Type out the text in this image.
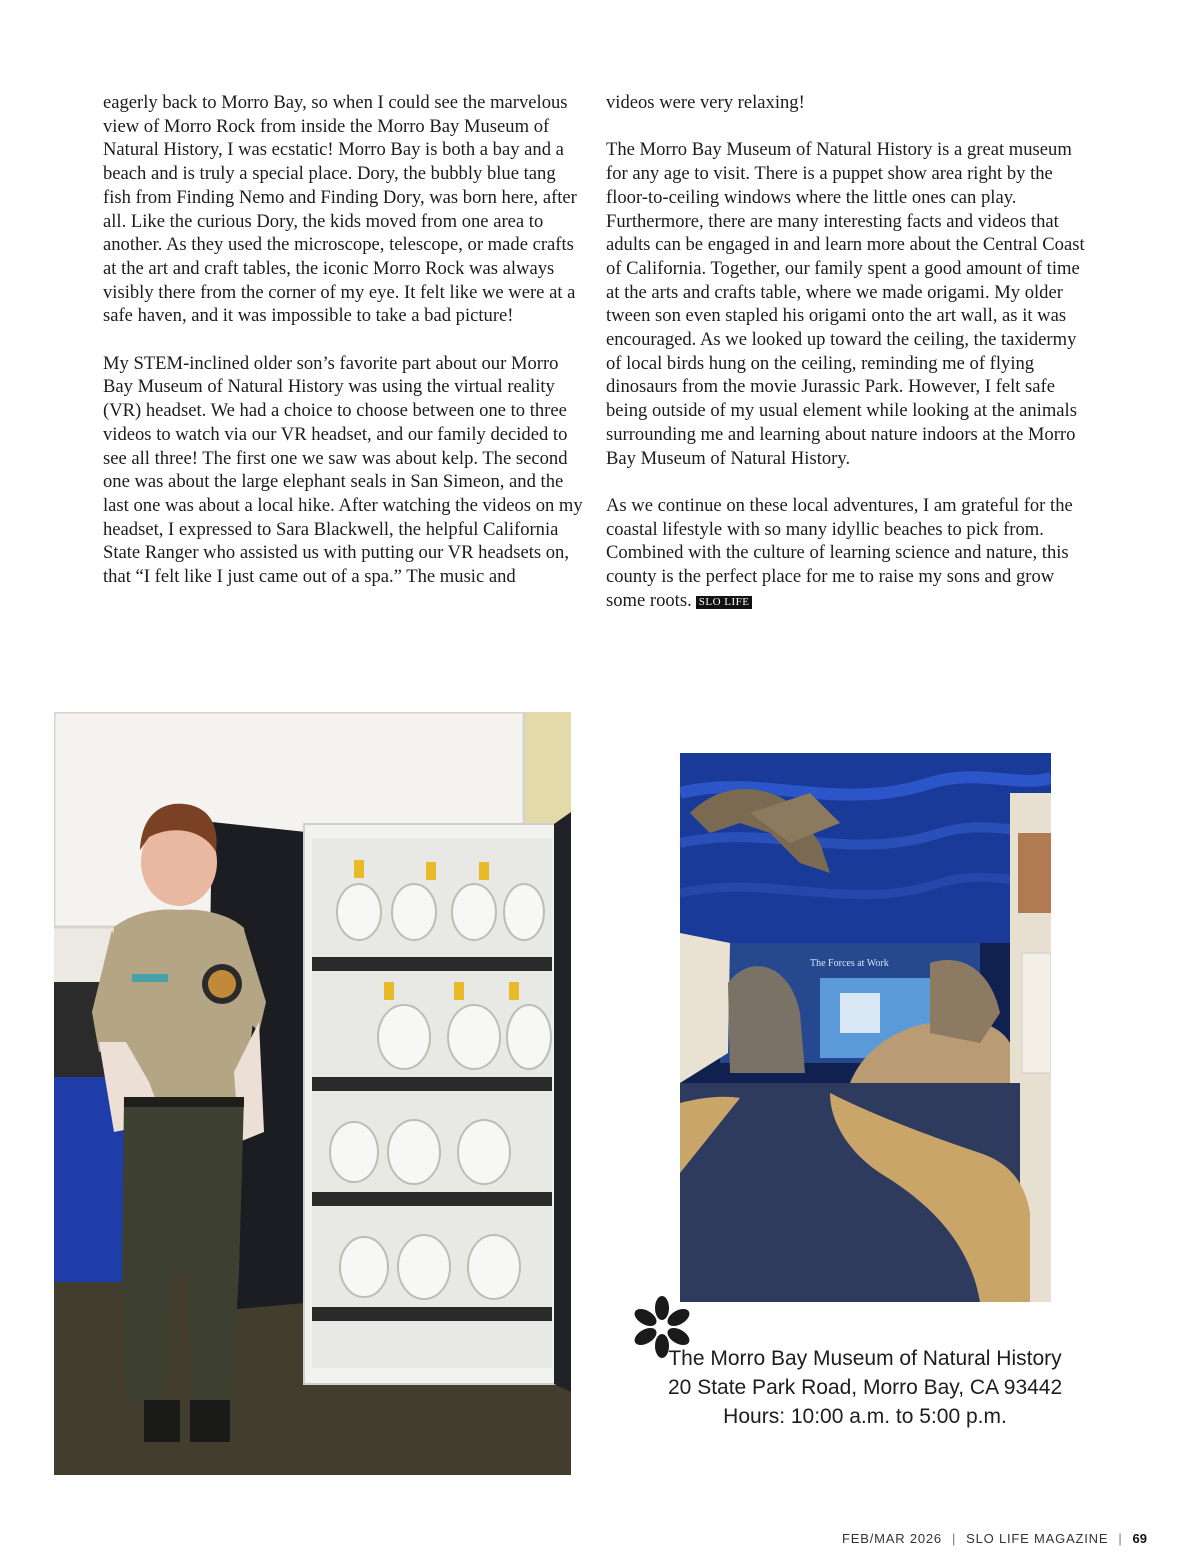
eagerly back to Morro Bay, so when I could see the marvelous view of Morro Rock from inside the Morro Bay Museum of Natural History, I was ecstatic! Morro Bay is both a bay and a beach and is truly a special place. Dory, the bubbly blue tang fish from Finding Nemo and Finding Dory, was born here, after all. Like the curious Dory, the kids moved from one area to another. As they used the microscope, telescope, or made crafts at the art and craft tables, the iconic Morro Rock was always visibly there from the corner of my eye. It felt like we were at a safe haven, and it was impossible to take a bad picture!

My STEM-inclined older son’s favorite part about our Morro Bay Museum of Natural History was using the virtual reality (VR) headset. We had a choice to choose between one to three videos to watch via our VR headset, and our family decided to see all three! The first one we saw was about kelp. The second one was about the large elephant seals in San Simeon, and the last one was about a local hike. After watching the videos on my headset, I expressed to Sara Blackwell, the helpful California State Ranger who assisted us with putting our VR headsets on, that “I felt like I just came out of a spa.” The music and

videos were very relaxing!

The Morro Bay Museum of Natural History is a great museum for any age to visit. There is a puppet show area right by the floor-to-ceiling windows where the little ones can play. Furthermore, there are many interesting facts and videos that adults can be engaged in and learn more about the Central Coast of California. Together, our family spent a good amount of time at the arts and crafts table, where we made origami. My older tween son even stapled his origami onto the art wall, as it was encouraged. As we looked up toward the ceiling, the taxidermy of local birds hung on the ceiling, reminding me of flying dinosaurs from the movie Jurassic Park. However, I felt safe being outside of my usual element while looking at the animals surrounding me and learning about nature indoors at the Morro Bay Museum of Natural History.

As we continue on these local adventures, I am grateful for the coastal lifestyle with so many idyllic beaches to pick from. Combined with the culture of learning science and nature, this county is the perfect place for me to raise my sons and grow some roots. SLO LIFE

The Forces at Work
The Morro Bay Museum of Natural History
20 State Park Road, Morro Bay, CA 93442
Hours: 10:00 a.m. to 5:00 p.m.
FEB/MAR 2026 | SLO LIFE MAGAZINE | 69
